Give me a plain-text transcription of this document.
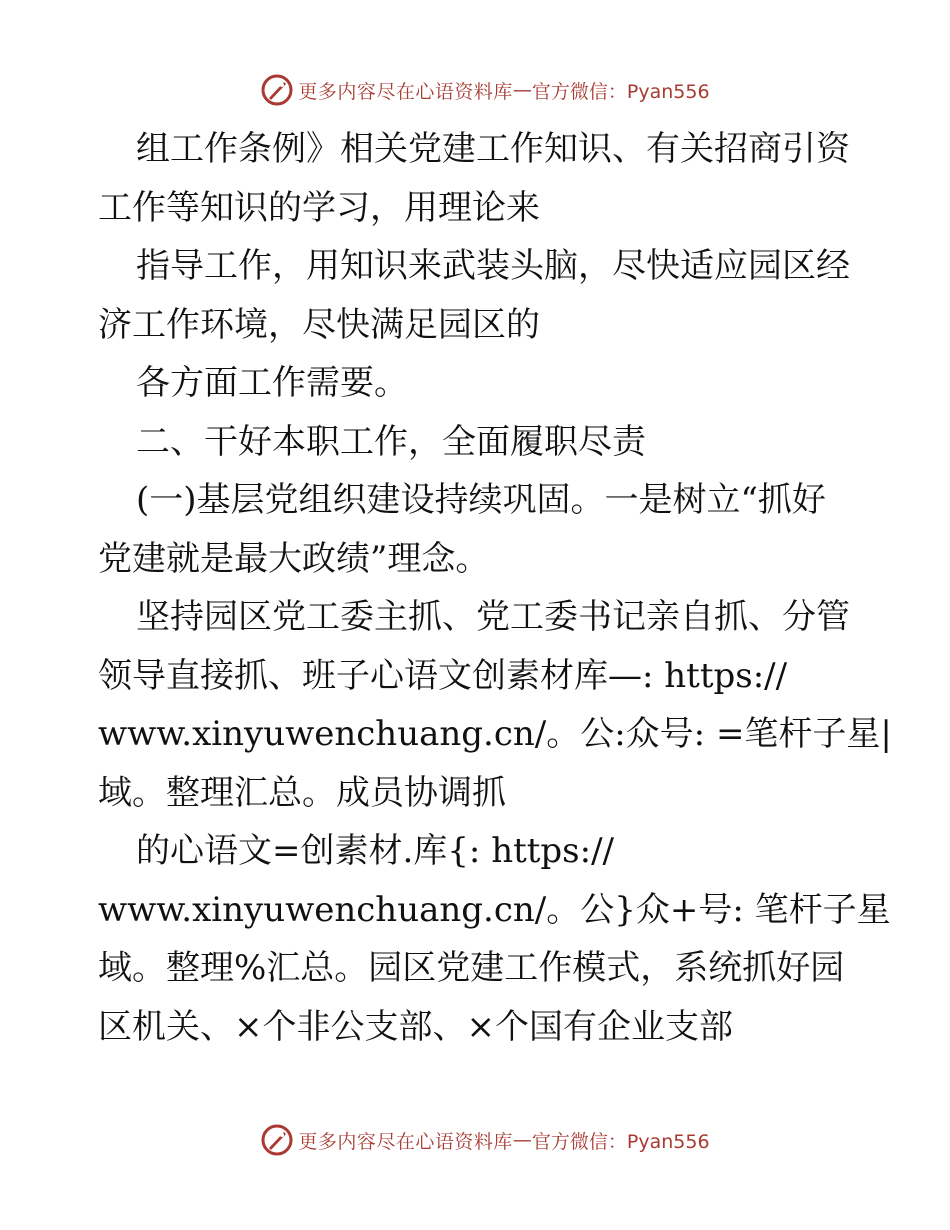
更多内容尽在心语资料库 — 官方微信：Pyan556
组工作条例》相关党建工作知识、有关招商引资
工作等知识的学习，用理论来
指导工作，用知识来武装头脑，尽快适应园区经
济工作环境，尽快满足园区的
各方面工作需要。
二、干好本职工作，全面履职尽责
(一)基层党组织建设持续巩固。一是树立“抓好
党建就是最大政绩”理念。
坚持园区党工委主抓、党工委书记亲自抓、分管
领导直接抓、班子心语文创素材库—: https://
www.xinyuwenchuang.cn/。公:众号: =笔杆子星|
域。整理汇总。成员协调抓
的心语文=创素材.库{: https://
www.xinyuwenchuang.cn/。公}众+号: 笔杆子星
域。整理%汇总。园区党建工作模式，系统抓好园
区机关、×个非公支部、×个国有企业支部
更多内容尽在心语资料库 — 官方微信：Pyan556
